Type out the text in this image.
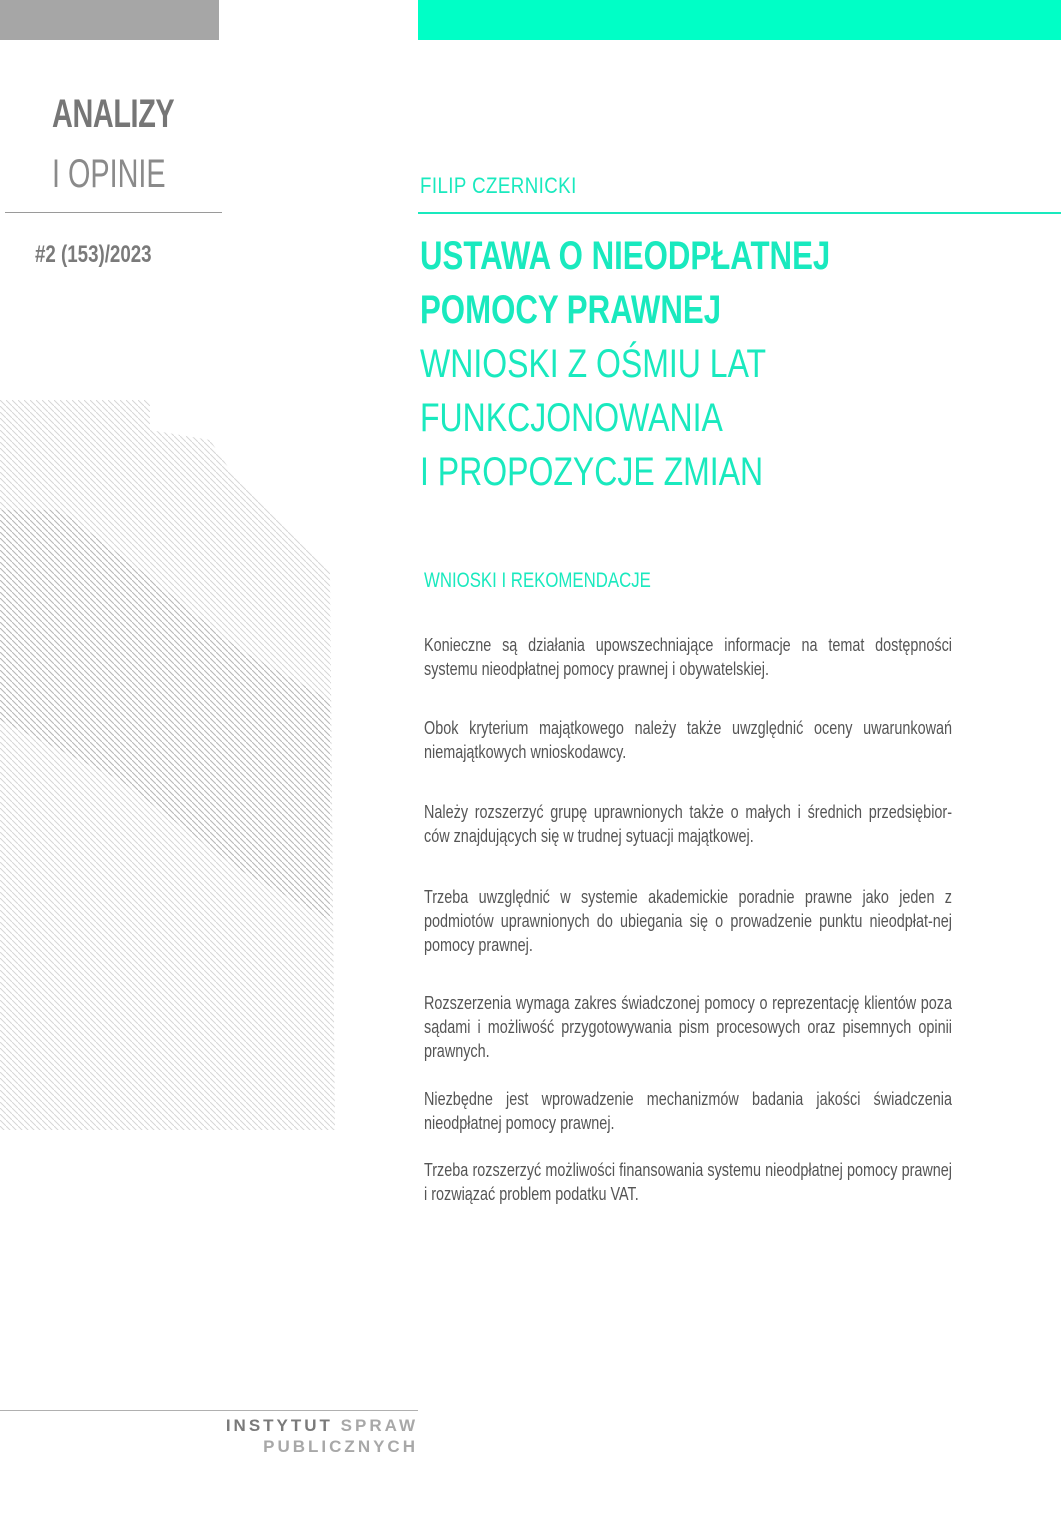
ANALIZY
I OPINIE
#2 (153)/2023
FILIP CZERNICKI
USTAWA O NIEODPŁATNEJ
POMOCY PRAWNEJ
WNIOSKI Z OŚMIU LAT
FUNKCJONOWANIA
I PROPOZYCJE ZMIAN
WNIOSKI I REKOMENDACJE
Konieczne są działania upowszechniające informacje na temat dostępności systemu nieodpłatnej pomocy prawnej i obywatelskiej.
Obok kryterium majątkowego należy także uwzględnić oceny uwarunkowań niemajątkowych wnioskodawcy.
Należy rozszerzyć grupę uprawnionych także o małych i średnich przedsiębior-ców znajdujących się w trudnej sytuacji majątkowej.
Trzeba uwzględnić w systemie akademickie poradnie prawne jako jeden z podmiotów uprawnionych do ubiegania się o prowadzenie punktu nieodpłat-nej pomocy prawnej.
Rozszerzenia wymaga zakres świadczonej pomocy o reprezentację klientów poza sądami i możliwość przygotowywania pism procesowych oraz pisemnych opinii prawnych.
Niezbędne jest wprowadzenie mechanizmów badania jakości świadczenia nieodpłatnej pomocy prawnej.
Trzeba rozszerzyć możliwości finansowania systemu nieodpłatnej pomocy prawnej i rozwiązać problem podatku VAT.
INSTYTUT SPRAW
PUBLICZNYCH
